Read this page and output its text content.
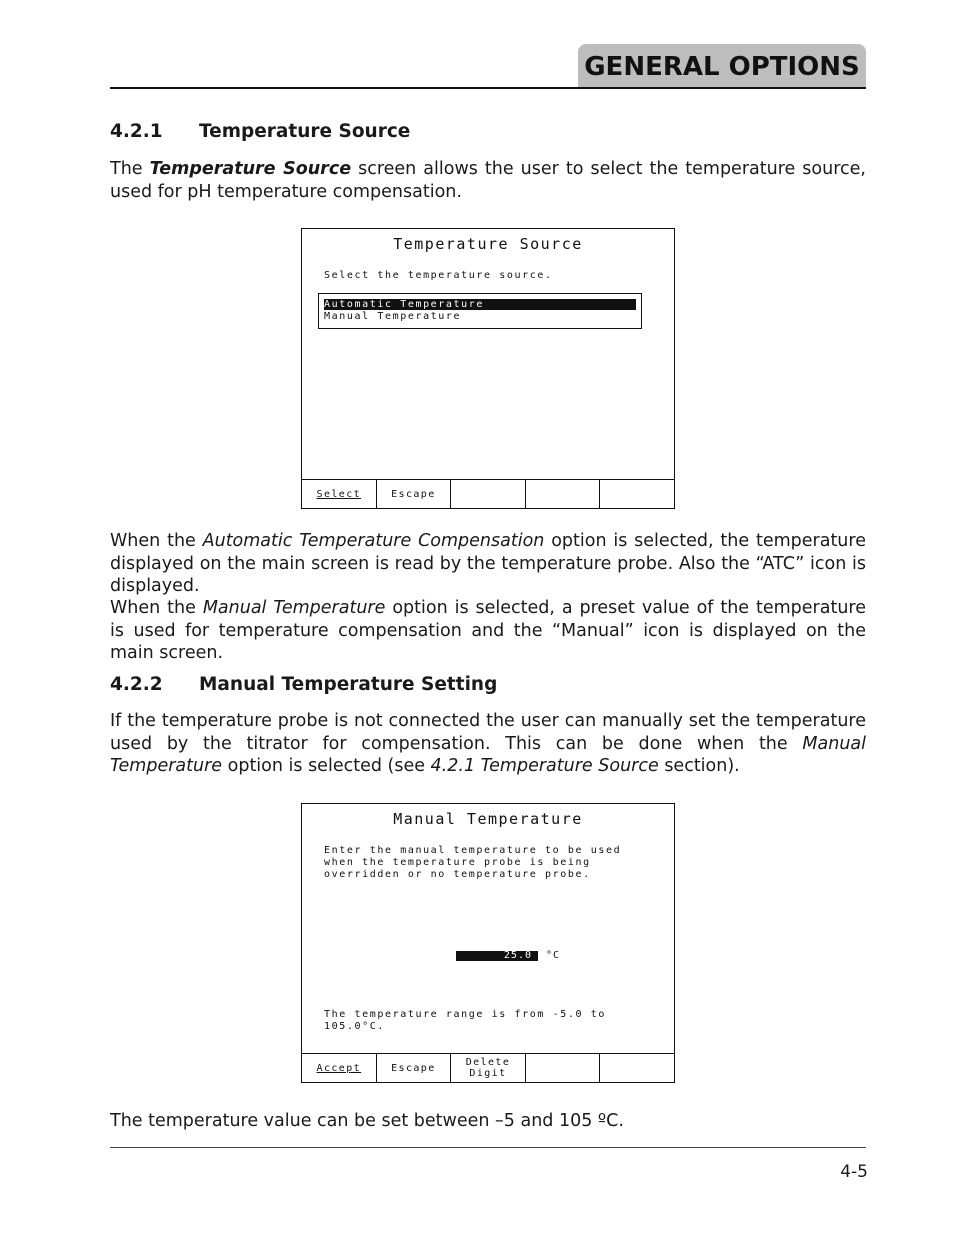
GENERAL OPTIONS
4.2.1 Temperature Source

The Temperature Source screen allows the user to select the temperature source, used for pH temperature compensation.

Temperature Source
Select the temperature source.
Automatic Temperature
Manual Temperature
Select	Escape

When the Automatic Temperature Compensation option is selected, the temperature displayed on the main screen is read by the temperature probe. Also the “ATC” icon is displayed.

When the Manual Temperature option is selected, a preset value of the temperature is used for temperature compensation and the “Manual” icon is displayed on the main screen.

4.2.2 Manual Temperature Setting

If the temperature probe is not connected the user can manually set the temperature used by the titrator for compensation. This can be done when the Manual Temperature option is selected (see 4.2.1 Temperature Source section).

Manual Temperature
Enter the manual temperature to be used
when the temperature probe is being
overridden or no temperature probe.
25.0	°C
The temperature range is from -5.0 to
105.0°C.
Accept	Escape	Delete
Digit

The temperature value can be set between –5 and 105 ºC.

4-5
